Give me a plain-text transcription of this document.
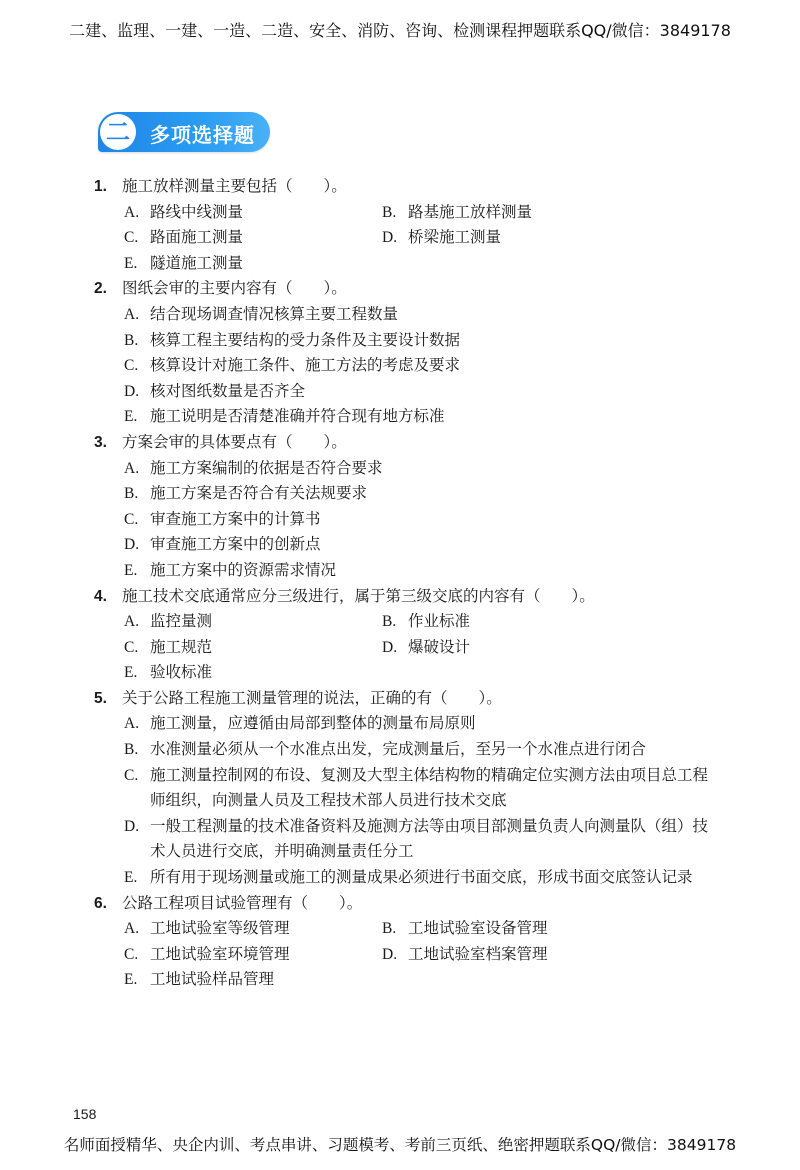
二建、监理、一建、一造、二造、安全、消防、咨询、检测课程押题联系QQ/微信：3849178
二	多项选择题
1. 施工放样测量主要包括（　　）。
A. 路线中线测量	B. 路基施工放样测量
C. 路面施工测量	D. 桥梁施工测量
E. 隧道施工测量
2. 图纸会审的主要内容有（　　）。
A. 结合现场调查情况核算主要工程数量
B. 核算工程主要结构的受力条件及主要设计数据
C. 核算设计对施工条件、施工方法的考虑及要求
D. 核对图纸数量是否齐全
E. 施工说明是否清楚准确并符合现有地方标准
3. 方案会审的具体要点有（　　）。
A. 施工方案编制的依据是否符合要求
B. 施工方案是否符合有关法规要求
C. 审查施工方案中的计算书
D. 审查施工方案中的创新点
E. 施工方案中的资源需求情况
4. 施工技术交底通常应分三级进行，属于第三级交底的内容有（　　）。
A. 监控量测	B. 作业标准
C. 施工规范	D. 爆破设计
E. 验收标准
5. 关于公路工程施工测量管理的说法，正确的有（　　）。
A. 施工测量，应遵循由局部到整体的测量布局原则
B. 水准测量必须从一个水准点出发，完成测量后，至另一个水准点进行闭合
C. 施工测量控制网的布设、复测及大型主体结构物的精确定位实测方法由项目总工程师组织，向测量人员及工程技术部人员进行技术交底
D. 一般工程测量的技术准备资料及施测方法等由项目部测量负责人向测量队（组）技术人员进行交底，并明确测量责任分工
E. 所有用于现场测量或施工的测量成果必须进行书面交底，形成书面交底签认记录
6. 公路工程项目试验管理有（　　）。
A. 工地试验室等级管理	B. 工地试验室设备管理
C. 工地试验室环境管理	D. 工地试验室档案管理
E. 工地试验样品管理
158
名师面授精华、央企内训、考点串讲、习题模考、考前三页纸、绝密押题联系QQ/微信：3849178
